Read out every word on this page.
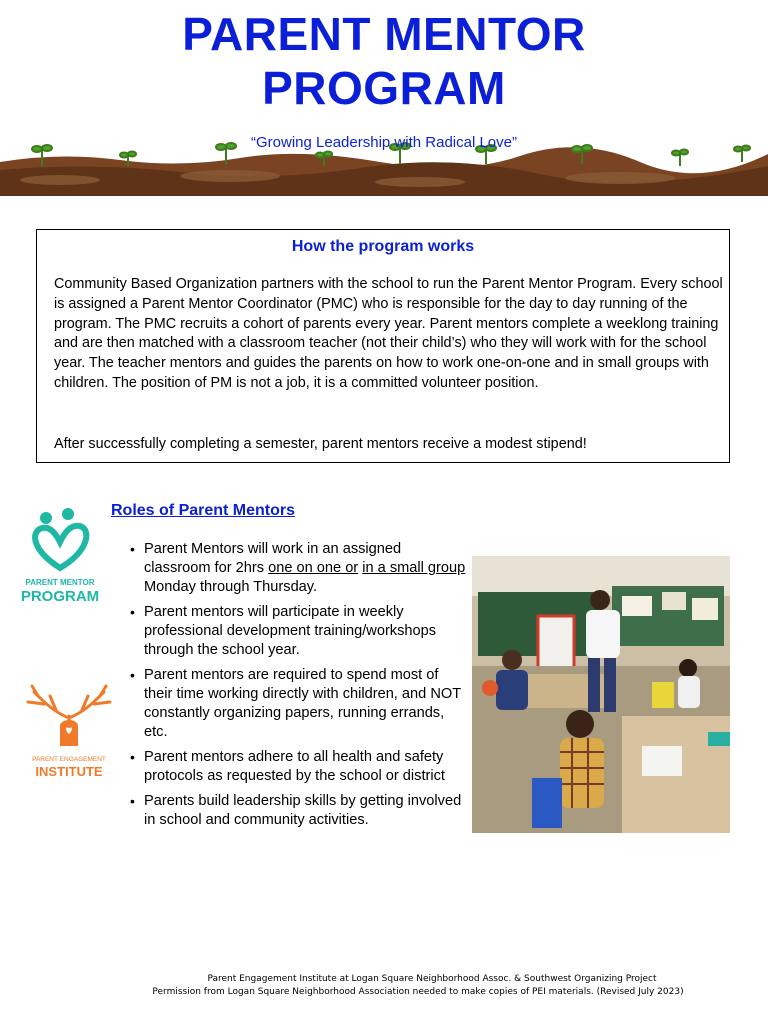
PARENT MENTOR
PROGRAM
“Growing Leadership with Radical Love”
How the program works
Community Based Organization partners with the school to run the Parent Mentor Program. Every school is assigned a Parent Mentor Coordinator (PMC) who is responsible for the day to day running of the program. The PMC recruits a cohort of parents every year. Parent mentors complete a weeklong training and are then matched with a classroom teacher (not their child’s) who they will work with for the school year. The teacher mentors and guides the parents on how to work one-on-one and in small groups with children. The position of PM is not a job, it is a committed volunteer position.
After successfully completing a semester, parent mentors receive a modest stipend!
PARENT MENTOR
PROGRAM
PARENT ENGAGEMENT
INSTITUTE
Roles of Parent Mentors
• Parent Mentors will work in an assigned classroom for 2hrs one on one or in a small group Monday through Thursday.
• Parent mentors will participate in weekly professional development training/workshops through the school year.
• Parent mentors are required to spend most of their time working directly with children, and NOT constantly organizing papers, running errands, etc.
• Parent mentors adhere to all health and safety protocols as requested by the school or district
• Parents build leadership skills by getting involved in school and community activities.
Parent Engagement Institute at Logan Square Neighborhood Assoc. & Southwest Organizing Project
Permission from Logan Square Neighborhood Association needed to make copies of PEI materials. (Revised July 2023)
